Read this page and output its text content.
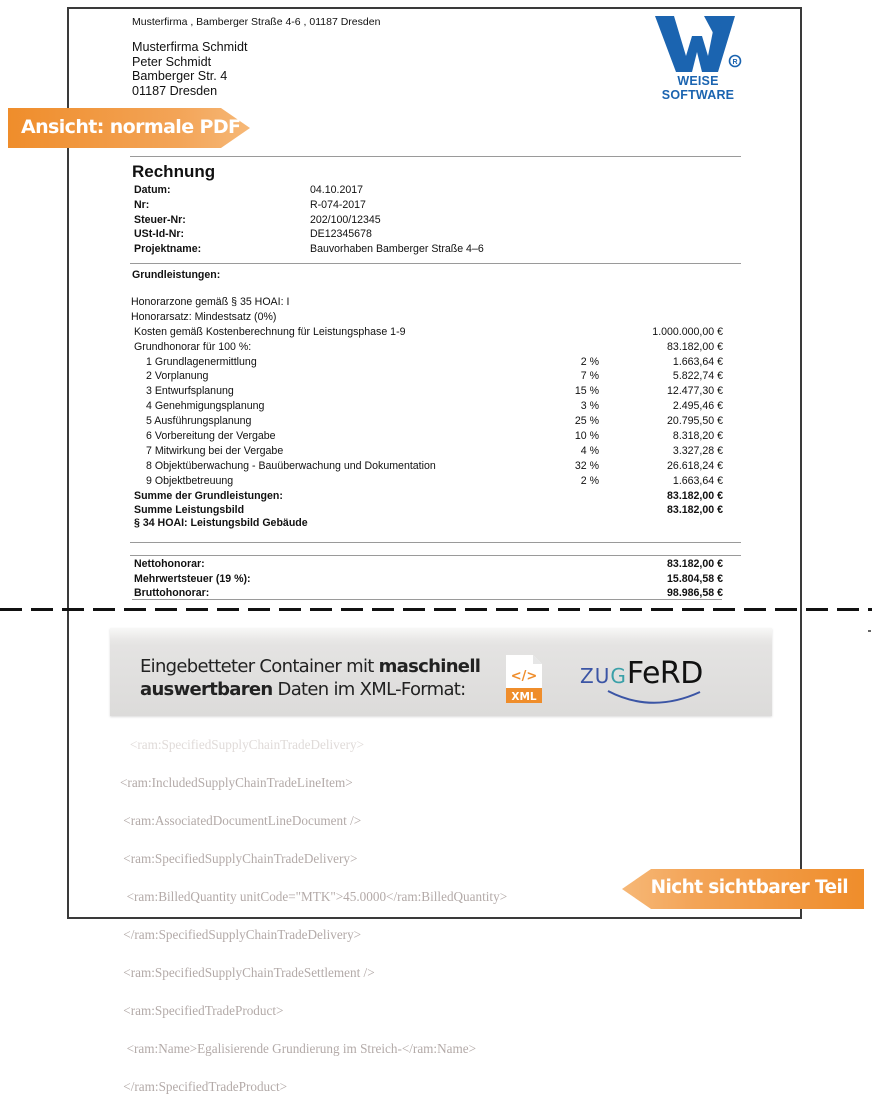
Musterfirma , Bamberger Straße 4-6 , 01187 Dresden
Musterfirma Schmidt
Peter Schmidt
Bamberger Str. 4
01187 Dresden
R
WEISE
SOFTWARE
Ansicht: normale PDF
Rechnung
Datum:	04.10.2017
Nr:	R-074-2017
Steuer-Nr:	202/100/12345
USt-Id-Nr:	DE12345678
Projektname:	Bauvorhaben Bamberger Straße 4–6
Grundleistungen:
Honorarzone gemäß § 35 HOAI: I
Honorarsatz: Mindestsatz (0%)
Kosten gemäß Kostenberechnung für Leistungsphase 1-9	1.000.000,00 €
Grundhonorar für 100 %:	83.182,00 €
1 Grundlagenermittlung	2 %	1.663,64 €
2 Vorplanung	7 %	5.822,74 €
3 Entwurfsplanung	15 %	12.477,30 €
4 Genehmigungsplanung	3 %	2.495,46 €
5 Ausführungsplanung	25 %	20.795,50 €
6 Vorbereitung der Vergabe	10 %	8.318,20 €
7 Mitwirkung bei der Vergabe	4 %	3.327,28 €
8 Objektüberwachung - Bauüberwachung und Dokumentation	32 %	26.618,24 €
9 Objektbetreuung	2 %	1.663,64 €
Summe der Grundleistungen:	83.182,00 €
Summe Leistungsbild	83.182,00 €
§ 34 HOAI: Leistungsbild Gebäude
Nettohonorar:	83.182,00 €
Mehrwertsteuer (19 %):	15.804,58 €
Bruttohonorar:	98.986,58 €
Eingebetteter Container mit maschinell
auswertbaren Daten im XML-Format:
</>
XML
ZUGFeRD

<ram:SpecifiedSupplyChainTradeDelivery>

<ram:IncludedSupplyChainTradeLineItem>

<ram:AssociatedDocumentLineDocument />

<ram:SpecifiedSupplyChainTradeDelivery>

<ram:BilledQuantity unitCode="MTK">45.0000</ram:BilledQuantity>

</ram:SpecifiedSupplyChainTradeDelivery>

<ram:SpecifiedSupplyChainTradeSettlement />

<ram:SpecifiedTradeProduct>

<ram:Name>Egalisierende Grundierung im Streich-</ram:Name>

</ram:SpecifiedTradeProduct>

Nicht sichtbarer Teil
